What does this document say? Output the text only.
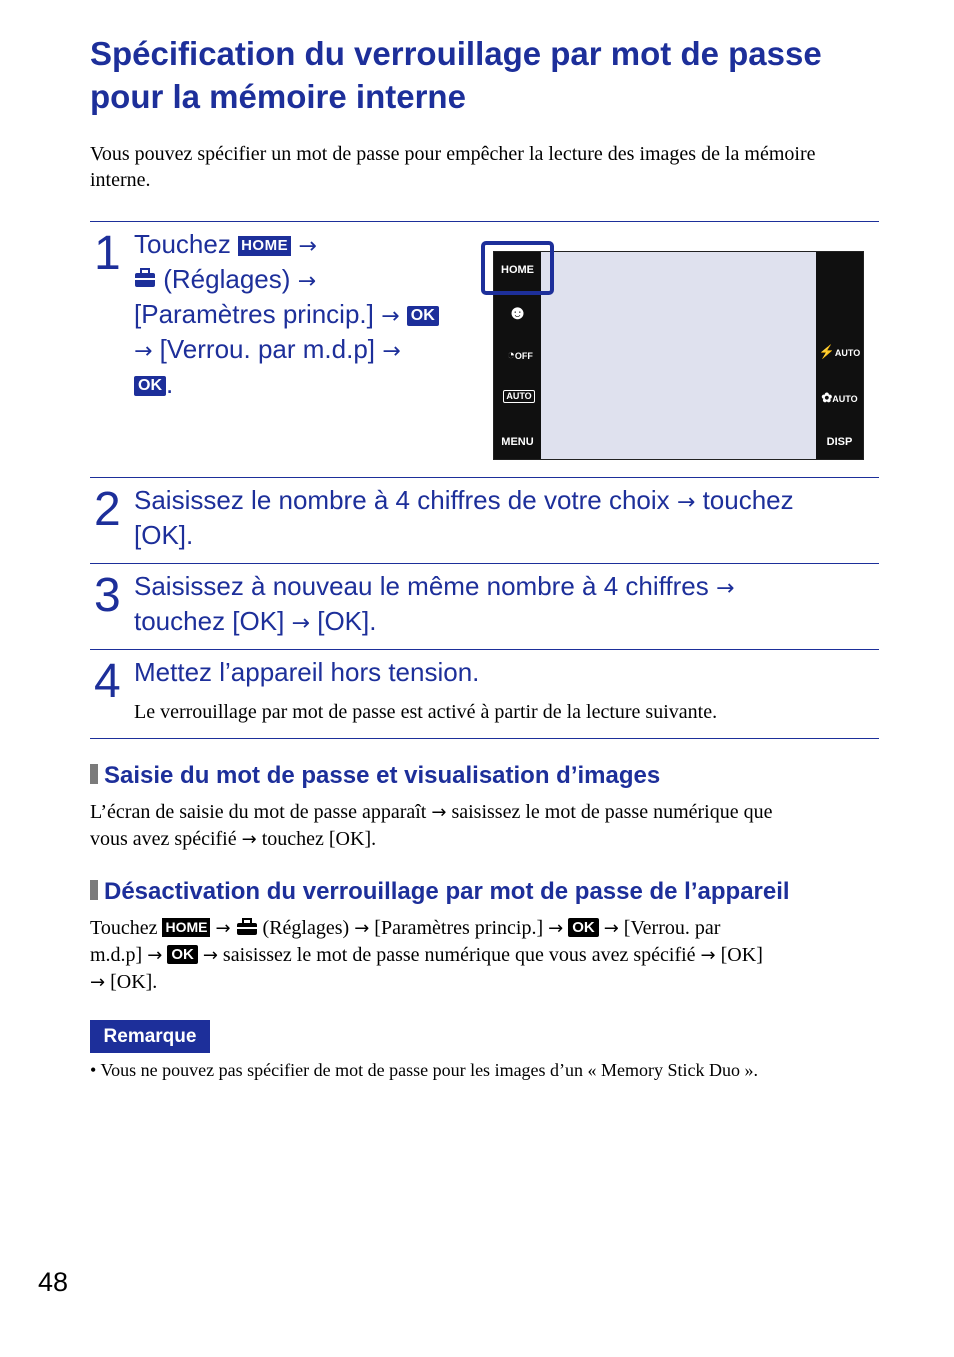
Spécification du verrouillage par mot de passe pour la mémoire interne
Vous pouvez spécifier un mot de passe pour empêcher la lecture des images de la mémoire interne.
1 Touchez HOME →
(Réglages) →
[Paramètres princip.] → OK
→ [Verrou. par m.d.p] →
OK .
HOME
☻
◔OFF
AUTO
MENU
⚡AUTO
✿AUTO
DISP
2 Saisissez le nombre à 4 chiffres de votre choix → touchez
[OK].
3 Saisissez à nouveau le même nombre à 4 chiffres →
touchez [OK] → [OK].
4 Mettez l’appareil hors tension.
Le verrouillage par mot de passe est activé à partir de la lecture suivante.
Saisie du mot de passe et visualisation d’images
L’écran de saisie du mot de passe apparaît → saisissez le mot de passe numérique que
vous avez spécifié → touchez [OK].
Désactivation du verrouillage par mot de passe de l’appareil
Touchez HOME → (Réglages) → [Paramètres princip.] → OK → [Verrou. par
m.d.p] → OK → saisissez le mot de passe numérique que vous avez spécifié → [OK]
→ [OK].
Remarque
• Vous ne pouvez pas spécifier de mot de passe pour les images d’un « Memory Stick Duo ».
48
